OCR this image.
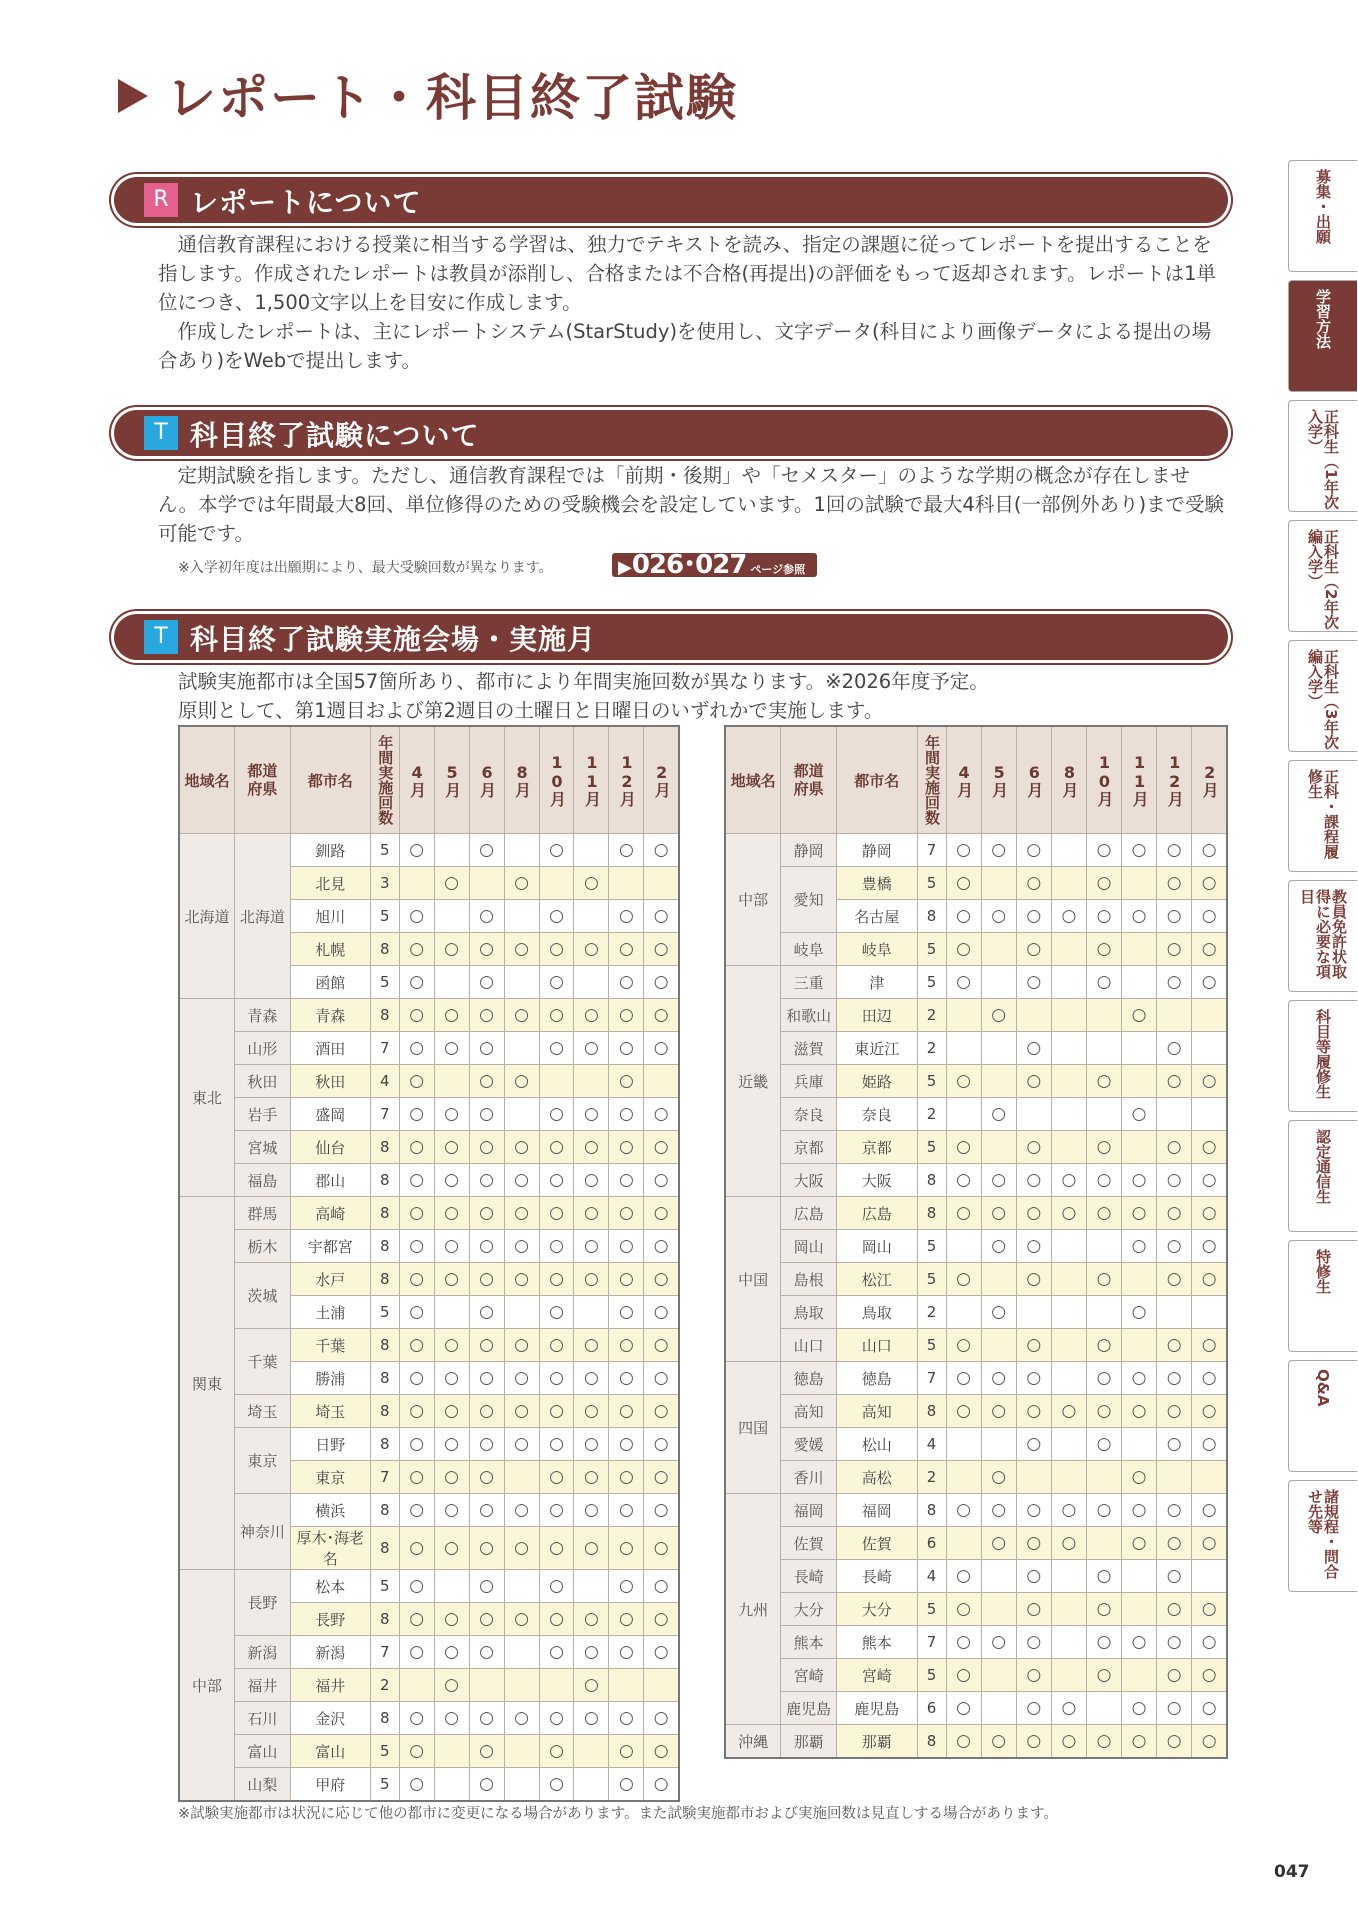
レポート・科目終了試験
R レポートについて

　通信教育課程における授業に相当する学習は、独力でテキストを読み、指定の課題に従ってレポートを提出することを指します。作成されたレポートは教員が添削し、合格または不合格(再提出)の評価をもって返却されます。レポートは1単位につき、1,500文字以上を目安に作成します。

　作成したレポートは、主にレポートシステム(StarStudy)を使用し、文字データ(科目により画像データによる提出の場合あり)をWebで提出します。

T 科目終了試験について

　定期試験を指します。ただし、通信教育課程では「前期・後期」や「セメスター」のような学期の概念が存在しません。本学では年間最大8回、単位修得のための受験機会を設定しています。1回の試験で最大4科目(一部例外あり)まで受験可能です。

※入学初年度は出願期により、最大受験回数が異なります。	▶026･027 ページ参照
T 科目終了試験実施会場・実施月
試験実施都市は全国57箇所あり、都市により年間実施回数が異なります。※2026年度予定。
原則として、第1週目および第2週目の土曜日と日曜日のいずれかで実施します。
地域名	都道府県	都市名	年間実施回数	4月	5月	6月	8月	10月	11月	12月	2月
北海道	北海道	釧路	5	○		○		○		○	○
		北見	3		○		○		○		
		旭川	5	○		○		○		○	○
		札幌	8	○	○	○	○	○	○	○	○
		函館	5	○		○		○		○	○
東北	青森	青森	8	○	○	○	○	○	○	○	○
	山形	酒田	7	○	○	○		○	○	○	○
	秋田	秋田	4	○		○	○			○	
	岩手	盛岡	7	○	○	○		○	○	○	○
	宮城	仙台	8	○	○	○	○	○	○	○	○
	福島	郡山	8	○	○	○	○	○	○	○	○
関東	群馬	高崎	8	○	○	○	○	○	○	○	○
	栃木	宇都宮	8	○	○	○	○	○	○	○	○
	茨城	水戸	8	○	○	○	○	○	○	○	○
		土浦	5	○		○		○		○	○
	千葉	千葉	8	○	○	○	○	○	○	○	○
		勝浦	8	○	○	○	○	○	○	○	○
	埼玉	埼玉	8	○	○	○	○	○	○	○	○
	東京	日野	8	○	○	○	○	○	○	○	○
		東京	7	○	○	○		○	○	○	○
	神奈川	横浜	8	○	○	○	○	○	○	○	○
		厚木･海老名	8	○	○	○	○	○	○	○	○
中部	長野	松本	5	○		○		○		○	○
		長野	8	○	○	○	○	○	○	○	○
	新潟	新潟	7	○	○	○		○	○	○	○
	福井	福井	2		○				○		
	石川	金沢	8	○	○	○	○	○	○	○	○
	富山	富山	5	○		○		○		○	○
	山梨	甲府	5	○		○		○		○	○
地域名	都道府県	都市名	年間実施回数	4月	5月	6月	8月	10月	11月	12月	2月
中部	静岡	静岡	7	○	○	○		○	○	○	○
	愛知	豊橋	5	○		○		○		○	○
		名古屋	8	○	○	○	○	○	○	○	○
	岐阜	岐阜	5	○		○		○		○	○
近畿	三重	津	5	○		○		○		○	○
	和歌山	田辺	2		○				○		
	滋賀	東近江	2			○				○	
	兵庫	姫路	5	○		○		○		○	○
	奈良	奈良	2		○				○		
	京都	京都	5	○		○		○		○	○
	大阪	大阪	8	○	○	○	○	○	○	○	○
中国	広島	広島	8	○	○	○	○	○	○	○	○
	岡山	岡山	5		○	○			○	○	○
	島根	松江	5	○		○		○		○	○
	鳥取	鳥取	2		○				○		
	山口	山口	5	○		○		○		○	○
四国	徳島	徳島	7	○	○	○		○	○	○	○
	高知	高知	8	○	○	○	○	○	○	○	○
	愛媛	松山	4			○		○		○	○
	香川	高松	2		○				○		
九州	福岡	福岡	8	○	○	○	○	○	○	○	○
	佐賀	佐賀	6		○	○	○		○	○	○
	長崎	長崎	4	○		○		○		○	
	大分	大分	5	○		○		○		○	○
	熊本	熊本	7	○	○	○		○	○	○	○
	宮崎	宮崎	5	○		○		○		○	○
	鹿児島	鹿児島	6	○		○	○		○	○	○
沖縄	那覇	那覇	8	○	○	○	○	○	○	○	○
※試験実施都市は状況に応じて他の都市に変更になる場合があります。また試験実施都市および実施回数は見直しする場合があります。
047
募集・出願
学習方法
正科生（1年次入学）
正科生（2年次編入学）
正科生（3年次編入学）
正科・課程履修生
教員免許状取得に必要な項目
科目等履修生
認定通信生
特修生
Q&A
諸規程・問合せ先等
